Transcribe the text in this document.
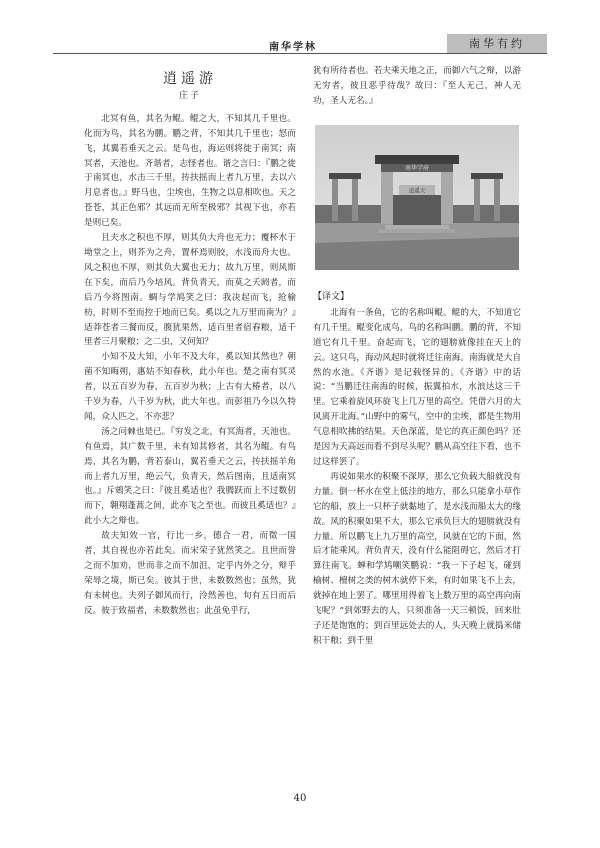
南华学林	南华有约
逍遥游
庄子

北冥有鱼，其名为鲲。鲲之大，不知其几千里也。化而为鸟，其名为鹏。鹏之背，不知其几千里也；怒而飞，其翼若垂天之云。是鸟也，海运则将徙于南冥；南冥者，天池也。齐谐者，志怪者也。谐之言曰：『鹏之徙于南冥也，水击三千里，抟扶摇而上者九万里，去以六月息者也。』野马也，尘埃也，生物之以息相吹也。天之苍苍，其正色邪？其远而无所至极邪？其视下也，亦若是则已矣。

且夫水之积也不厚，则其负大舟也无力；覆杯水于坳堂之上，则芥为之舟，置杯焉则胶，水浅而舟大也。风之积也不厚，则其负大翼也无力；故九万里，则风斯在下矣，而后乃今培风。背负青天，而莫之夭阏者，而后乃今将图南。蜩与学鸠笑之曰：我决起而飞，抢榆枋，时则不至而控于地而已矣。奚以之九万里而南为？』适莽苍者三餐而反，腹犹果然，适百里者宿舂粮，适千里者三月聚粮；之二虫，又何知？

小知不及大知，小年不及大年，奚以知其然也？朝菌不知晦朔，惠姑不知春秋，此小年也。楚之南有冥灵者，以五百岁为春，五百岁为秋；上古有大椿者，以八千岁为春，八千岁为秋，此大年也。而彭祖乃今以久特闻，众人匹之，不亦悲？

汤之问棘也是已。『穷发之北，有冥海者，天池也。有鱼焉，其广数千里，未有知其修者，其名为鲲。有鸟焉，其名为鹏，背若泰山，翼若垂天之云，抟扶摇羊角而上者九万里，绝云气，负青天，然后图南，且适南冥也。』斥鴳笑之曰：『彼且奚适也？我腾跃而上不过数仞而下，翱翔蓬蒿之间，此亦飞之至也。而彼且奚适也？』此小大之辩也。

故夫知效一官，行比一乡，德合一君，而徵一国者，其自视也亦若此矣。而宋荣子犹然笑之。且世而誉之而不加劝，世而非之而不加沮，定乎内外之分，辩乎荣辱之境，斯已矣。彼其于世，未数数然也；虽然，犹有未树也。夫列子御风而行，泠然善也，旬有五日而后反。彼于致福者，未数数然也；此虽免乎行，

犹有所待者也。若夫乘天地之正，而御六气之辩，以游无穷者，彼且恶乎待哉？故曰：『至人无己，神人无功，圣人无名。』

南华学府
逍遥天
【译文】

北海有一条鱼，它的名称叫鲲。鲲的大，不知道它有几千里。鲲变化成鸟，鸟的名称叫鹏。鹏的背，不知道它有几千里。奋起而飞，它的翅膀就像挂在天上的云。这只鸟，海动风起时就将迁往南海。南海就是大自然的水池。《齐谐》是记载怪异的。《齐谐》中的话说：“当鹏迁往南海的时候，振翼拍水，水浪达这三千里。它乘着旋风环旋飞上几万里的高空。凭借六月的大风离开北海。”山野中的雾气，空中的尘埃，都是生物用气息相吹拂的结果。天色深蓝，是它的真正颜色吗？还是因为天高远而看不到尽头呢？鹏从高空往下看，也不过这样罢了。

再说如果水的积聚不深厚，那么它负载大船就没有力量。倒一杯水在堂上低洼的地方，那么只能拿小草作它的船，放上一只杯子就黏地了，是水浅而船太大的缘故。风的积聚如果不大，那么它承负巨大的翅膀就没有力量。所以鹏飞上九万里的高空，风就在它的下面，然后才能乘风。背负青天，没有什么能阻碍它，然后才打算往南飞。蝉和学鸠嘲笑鹏说：“我一下子起飞，碰到榆树、檀树之类的树木就停下来，有时如果飞不上去，就掉在地上罢了。哪里用得着飞上数万里的高空再向南飞呢？”到郊野去的人，只须准备一天三顿饭，回来肚子还是饱饱的；到百里远处去的人，头天晚上就捣米储积干粮；到千里

40
